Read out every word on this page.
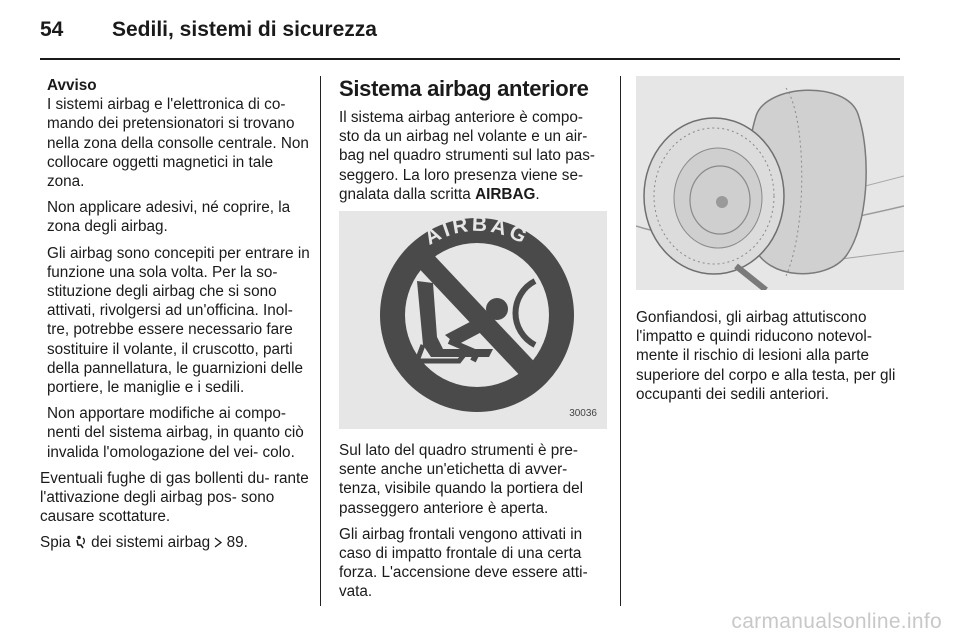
54 Sedili, sistemi di sicurezza

Avviso

I sistemi airbag e l'elettronica di co- mando dei pretensionatori si trovano nella zona della consolle centrale. Non collocare oggetti magnetici in tale zona.

Non applicare adesivi, né coprire, la zona degli airbag.

Gli airbag sono concepiti per entrare in funzione una sola volta. Per la so- stituzione degli airbag che si sono attivati, rivolgersi ad un'officina. Inol- tre, potrebbe essere necessario fare sostituire il volante, il cruscotto, parti della pannellatura, le guarnizioni delle portiere, le maniglie e i sedili.

Non apportare modifiche ai compo- nenti del sistema airbag, in quanto ciò invalida l'omologazione del vei- colo.

Eventuali fughe di gas bollenti du- rante l'attivazione degli airbag pos- sono causare scottature.

Spia dei sistemi airbag 89.

Sistema airbag anteriore

Il sistema airbag anteriore è compo- sto da un airbag nel volante e un air- bag nel quadro strumenti sul lato pas- seggero. La loro presenza viene se- gnalata dalla scritta AIRBAG.

AIRBAG
30036

Sul lato del quadro strumenti è pre- sente anche un'etichetta di avver- tenza, visibile quando la portiera del passeggero anteriore è aperta.

Gli airbag frontali vengono attivati in caso di impatto frontale di una certa forza. L'accensione deve essere atti- vata.

Gonfiandosi, gli airbag attutiscono l'impatto e quindi riducono notevol- mente il rischio di lesioni alla parte superiore del corpo e alla testa, per gli occupanti dei sedili anteriori.

carmanualsonline.info
